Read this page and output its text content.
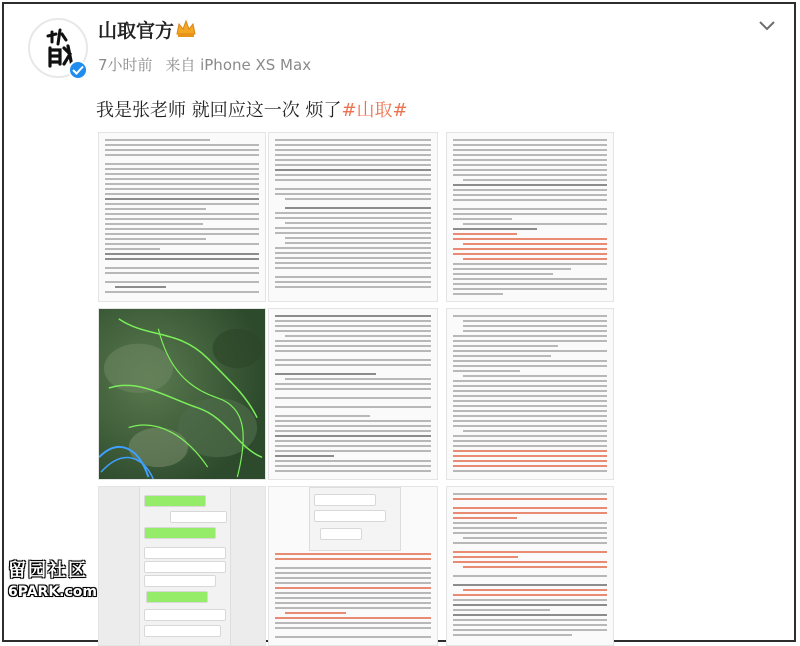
山取官方
7小时前 来自 iPhone XS Max
我是张老师 就回应这一次 烦了#山取#
留园社区
6PARK.com
